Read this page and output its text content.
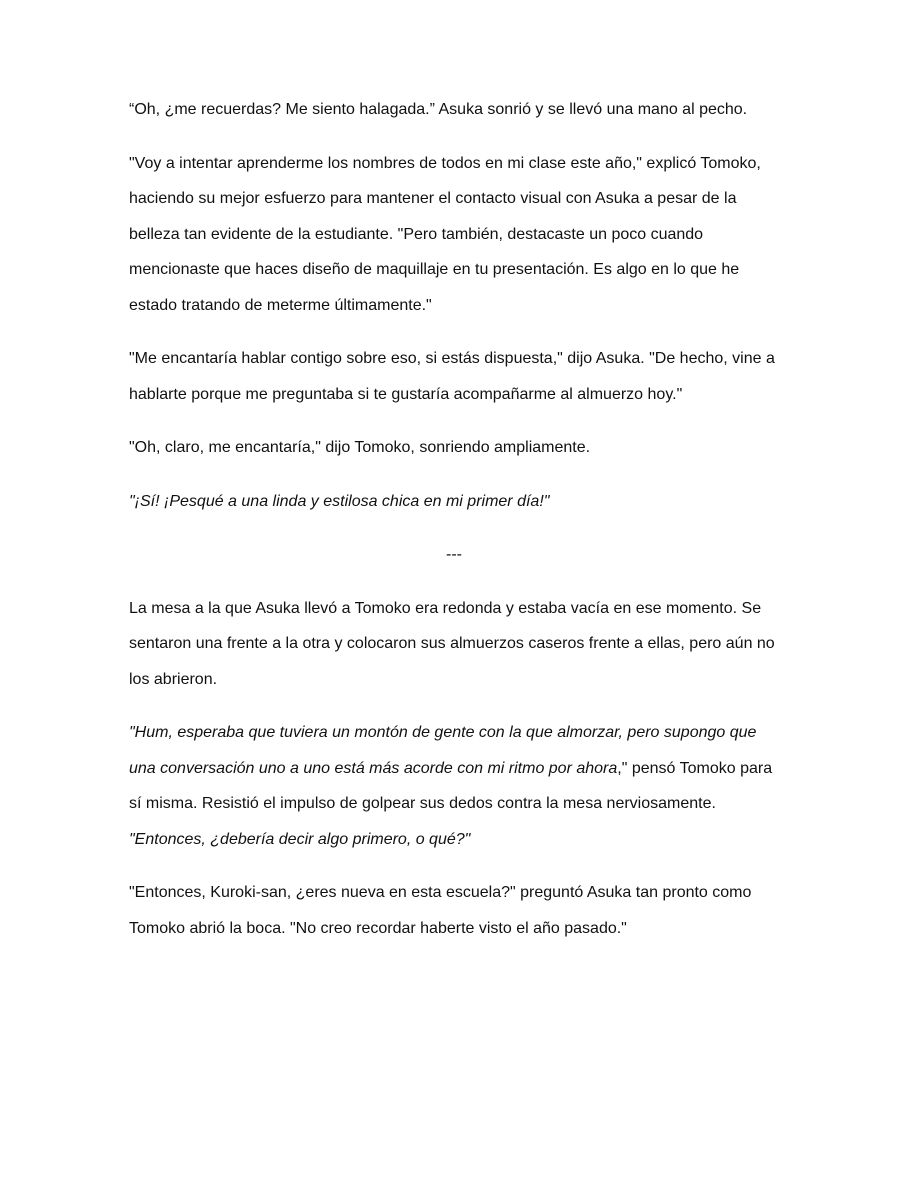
“Oh, ¿me recuerdas? Me siento halagada.” Asuka sonrió y se llevó una mano al pecho.

"Voy a intentar aprenderme los nombres de todos en mi clase este año," explicó Tomoko, haciendo su mejor esfuerzo para mantener el contacto visual con Asuka a pesar de la belleza tan evidente de la estudiante. "Pero también, destacaste un poco cuando mencionaste que haces diseño de maquillaje en tu presentación. Es algo en lo que he estado tratando de meterme últimamente."

"Me encantaría hablar contigo sobre eso, si estás dispuesta," dijo Asuka. "De hecho, vine a hablarte porque me preguntaba si te gustaría acompañarme al almuerzo hoy."

"Oh, claro, me encantaría," dijo Tomoko, sonriendo ampliamente.

"¡Sí! ¡Pesqué a una linda y estilosa chica en mi primer día!"

---

La mesa a la que Asuka llevó a Tomoko era redonda y estaba vacía en ese momento. Se sentaron una frente a la otra y colocaron sus almuerzos caseros frente a ellas, pero aún no los abrieron.

"Hum, esperaba que tuviera un montón de gente con la que almorzar, pero supongo que una conversación uno a uno está más acorde con mi ritmo por ahora," pensó Tomoko para sí misma. Resistió el impulso de golpear sus dedos contra la mesa nerviosamente. "Entonces, ¿debería decir algo primero, o qué?"

"Entonces, Kuroki-san, ¿eres nueva en esta escuela?" preguntó Asuka tan pronto como Tomoko abrió la boca. "No creo recordar haberte visto el año pasado."
